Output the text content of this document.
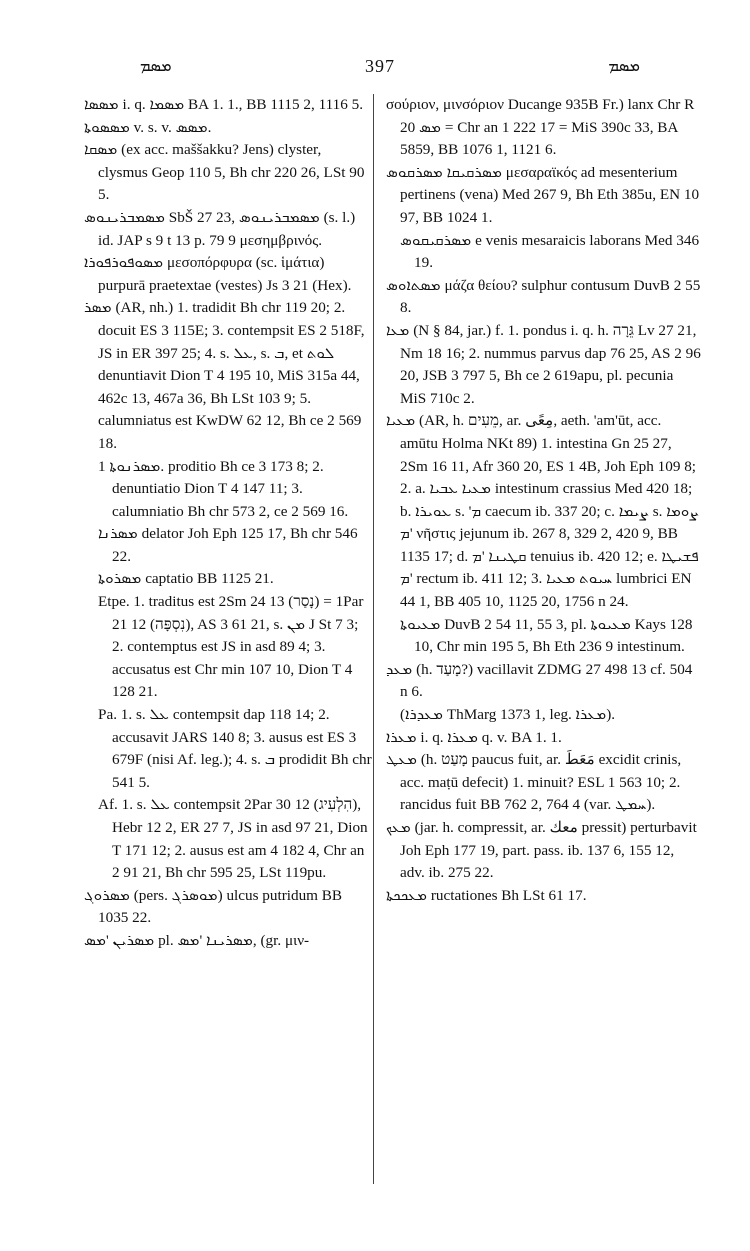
ܡܣܡ	397	ܡܣܡ

ܡܣܣܐ i. q. ܡܣܡܐ BA 1. 1., BB 1115 2, 1116 5.

ܡܣܣܘܬܐ v. s. v. ܡܣܣ.

ܡܣܩܐ (ex acc. maššakku? Jens) clyster, clysmus Geop 110 5, Bh chr 220 26, LSt 90 5.

ܡܣܡܒܪܝܢܘܣ SbŠ 27 23, ܡܣܡܒܪܝܢܘܣ (s. l.) id. JAP s 9 t 13 p. 79 9 μεσημβρινός.

ܡܣܘܦܘܪܦܘܪܐ μεσοπόρφυρα (sc. ἱμάτια) purpurā praetextae (vestes) Js 3 21 (Hex).

ܡܣܪ (AR, nh.) 1. tradidit Bh chr 119 20; 2. docuit ES 3 115E; 3. contempsit ES 2 518F, JS in ER 397 25; 4. s. ܥܠ, s. ܒ, et ܠܘܬ denuntiavit Dion T 4 195 10, MiS 315a 44, 462c 13, 467a 36, Bh LSt 103 9; 5. calumniatus est KwDW 62 12, Bh ce 2 569 18.

ܡܣܪܢܘܬܐ 1. proditio Bh ce 3 173 8; 2. denuntiatio Dion T 4 147 11; 3. calumniatio Bh chr 573 2, ce 2 569 16.

ܡܣܪܢܐ delator Joh Eph 125 17, Bh chr 546 22.

ܡܣܪܘܬܐ captatio BB 1125 21.

Etpe. 1. traditus est 2Sm 24 13 (נָסַר) = 1Par 21 12 (נִסְפָּה), AS 3 61 21, s. ܡܢ J St 7 3; 2. contemptus est JS in asd 89 4; 3. accusatus est Chr min 107 10, Dion T 4 128 21.

Pa. 1. s. ܥܠ contempsit dap 118 14; 2. accusavit JARS 140 8; 3. ausus est ES 3 679F (nisi Af. leg.); 4. s. ܒ prodidit Bh chr 541 5.

Af. 1. s. ܥܠ contempsit 2Par 30 12 (הִלְעִיג), Hebr 12 2, ER 27 7, JS in asd 97 21, Dion T 171 12; 2. ausus est am 4 182 4, Chr an 2 91 21, Bh chr 595 25, LSt 119pu.

ܡܣܪܘܓ (pers. ܡܘܣܪܓ) ulcus putridum BB 1035 22.

ܡܣܪܝܢ 'ܡܣ pl. ܡܣܪܝܢܐ 'ܡܣ, (gr. μιν-

σούριον, μινσόριον Ducange 935B Fr.) lanx Chr R ܡܣ 20 = Chr an 1 222 17 = MiS 390c 33, BA 5859, BB 1076 1, 1121 6.

ܡܣܪܩܝܩܐ ܡܣܪܩܘܣ μεσαραϊκός ad mesenterium pertinens (vena) Med 267 9, Bh Eth 385u, EN 10 97, BB 1024 1.

ܡܣܪܩܝܩܘܣ e venis mesaraicis laborans Med 346 19.

ܡܣܬܐܘܣ μάζα θείου? sulphur contusum DuvB 2 55 8.

ܡܥܐ (N § 84, jar.) f. 1. pondus i. q. h. גֵּרָה Lv 27 21, Nm 18 16; 2. nummus parvus dap 76 25, AS 2 96 20, JSB 3 797 5, Bh ce 2 619apu, pl. pecunia MiS 710c 2.

ܡܥܝܐ (AR, h. מֵעִים, ar. مِعًى, aeth. 'am'ūt, acc. amūtu Holma NKt 89) 1. intestina Gn 25 27, 2Sm 16 11, Afr 360 20, ES 1 4B, Joh Eph 109 8; 2. a. ܡܥܝܐ ܥܒܝܐ intestinum crassius Med 420 18; b. ܥܘܝܪܐ s. 'ܡ caecum ib. 337 20; c. ܨܝܡܐ s. ܨܘܡܐ 'ܡ νῆστις jejunum ib. 267 8, 329 2, 420 9, BB 1135 17; d. ܩܛܝܢܐ 'ܡ tenuius ib. 420 12; e. ܦܫܝܛܐ 'ܡ rectum ib. 411 12; 3. ܚܝܘܬ ܡܥܝܐ lumbrici EN 44 1, BB 405 10, 1125 20, 1756 n 24.

ܡܥܝܘܬܐ DuvB 2 54 11, 55 3, pl. ܡܥܝܘܬܐ Kays 128 10, Chr min 195 5, Bh Eth 236 9 intestinum.

ܡܥܕ (h. מָעַד?) vacillavit ZDMG 27 498 13 cf. 504 n 6.

(ܡܥܕܪܐ ThMarg 1373 1, leg. ܡܥܪܐ).

ܡܥܪܐ i. q. ܡܥܪܐ q. v. BA 1. 1.

ܡܥܛ (h. מָעַט paucus fuit, ar. مَعَطَ excidit crinis, acc. maṭū defecit) 1. minuit? ESL 1 563 10; 2. rancidus fuit BB 762 2, 764 4 (var. ܚܡܛ).

ܡܥܟ (jar. h. compressit, ar. معك pressit) perturbavit Joh Eph 177 19, part. pass. ib. 137 6, 155 12, adv. ib. 275 22.

ܡܥܟܟܬܐ ructationes Bh LSt 61 17.
